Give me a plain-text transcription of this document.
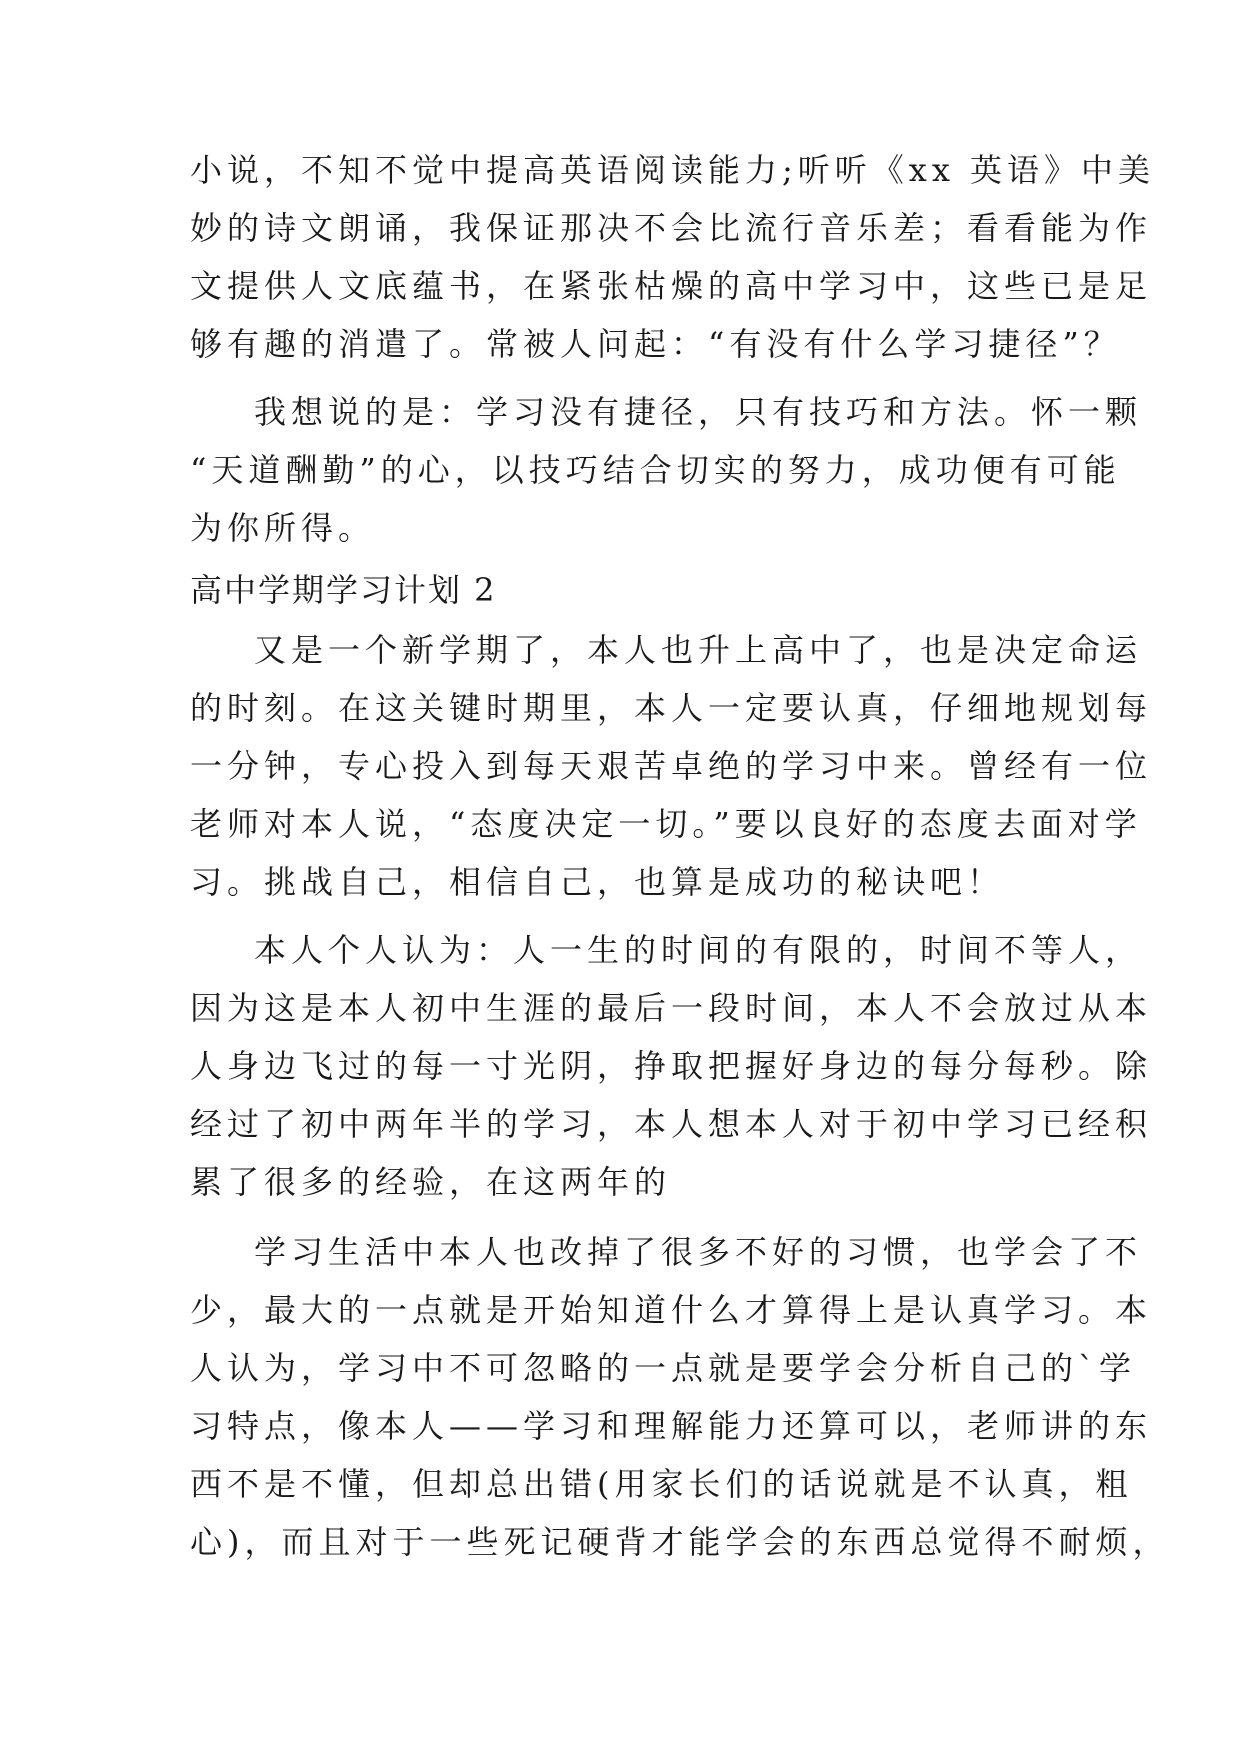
小说，不知不觉中提高英语阅读能力;听听《xx 英语》中美
妙的诗文朗诵，我保证那决不会比流行音乐差；看看能为作
文提供人文底蕴书，在紧张枯燥的高中学习中，这些已是足
够有趣的消遣了。常被人问起：“有没有什么学习捷径”？
我想说的是：学习没有捷径，只有技巧和方法。怀一颗
“天道酬勤”的心，以技巧结合切实的努力，成功便有可能
为你所得。
高中学期学习计划 2
又是一个新学期了，本人也升上高中了，也是决定命运
的时刻。在这关键时期里，本人一定要认真，仔细地规划每
一分钟，专心投入到每天艰苦卓绝的学习中来。曾经有一位
老师对本人说，“态度决定一切。”要以良好的态度去面对学
习。挑战自己，相信自己，也算是成功的秘诀吧！
本人个人认为：人一生的时间的有限的，时间不等人，
因为这是本人初中生涯的最后一段时间，本人不会放过从本
人身边飞过的每一寸光阴，挣取把握好身边的每分每秒。除
经过了初中两年半的学习，本人想本人对于初中学习已经积
累了很多的经验，在这两年的
学习生活中本人也改掉了很多不好的习惯，也学会了不
少，最大的一点就是开始知道什么才算得上是认真学习。本
人认为，学习中不可忽略的一点就是要学会分析自己的`学
习特点，像本人——学习和理解能力还算可以，老师讲的东
西不是不懂，但却总出错(用家长们的话说就是不认真，粗
心)，而且对于一些死记硬背才能学会的东西总觉得不耐烦，
